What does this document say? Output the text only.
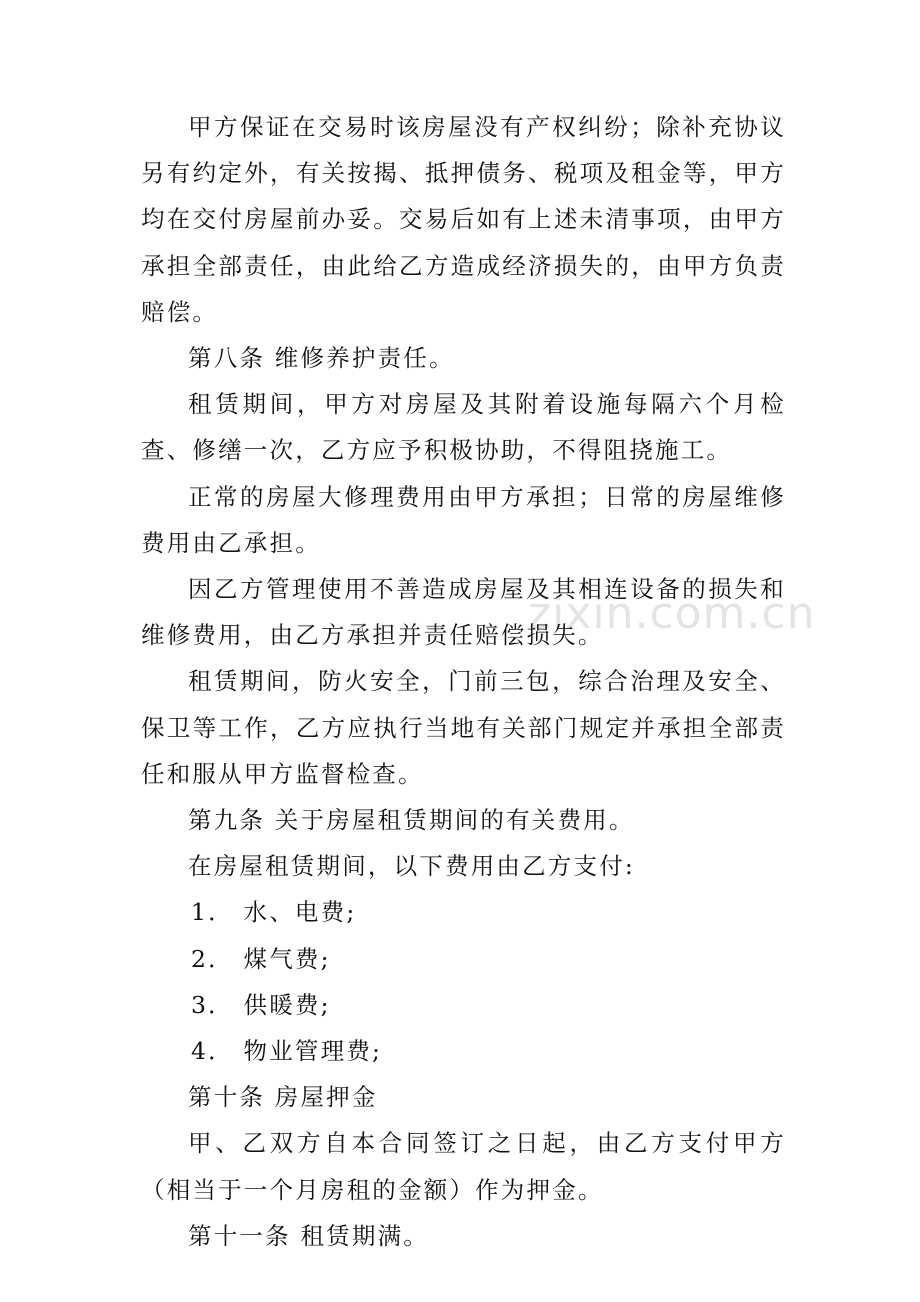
zixin.com.cn

甲方保证在交易时该房屋没有产权纠纷；除补充协议另有约定外，有关按揭、抵押债务、税项及租金等，甲方均在交付房屋前办妥。交易后如有上述未清事项，由甲方承担全部责任，由此给乙方造成经济损失的，由甲方负责赔偿。

第八条 维修养护责任。

租赁期间，甲方对房屋及其附着设施每隔六个月检查、修缮一次，乙方应予积极协助，不得阻挠施工。

正常的房屋大修理费用由甲方承担；日常的房屋维修费用由乙承担。

因乙方管理使用不善造成房屋及其相连设备的损失和维修费用，由乙方承担并责任赔偿损失。

租赁期间，防火安全，门前三包，综合治理及安全、保卫等工作，乙方应执行当地有关部门规定并承担全部责任和服从甲方监督检查。

第九条 关于房屋租赁期间的有关费用。

在房屋租赁期间，以下费用由乙方支付:

1． 水、电费;

2． 煤气费;

3． 供暖费;

4． 物业管理费;

第十条 房屋押金

甲、乙双方自本合同签订之日起，由乙方支付甲方（相当于一个月房租的金额）作为押金。

第十一条 租赁期满。
